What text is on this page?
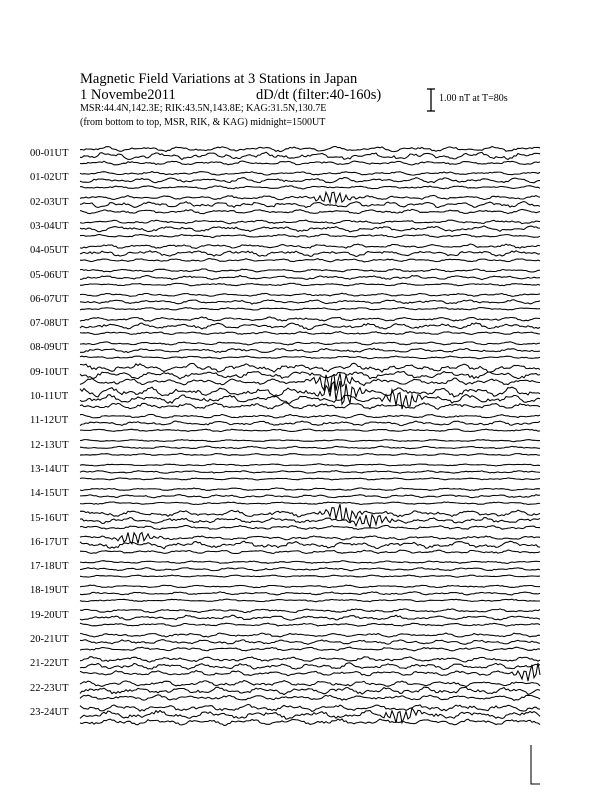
Magnetic Field Variations at 3 Stations in Japan
1 Novembe2011	dD/dt (filter:40-160s)
MSR:44.4N,142.3E; RIK:43.5N,143.8E; KAG:31.5N,130.7E
(from bottom to top, MSR, RIK, & KAG) midnight=1500UT
1.00 nT at T=80s
00-01UT
01-02UT
02-03UT
03-04UT
04-05UT
05-06UT
06-07UT
07-08UT
08-09UT
09-10UT
10-11UT
11-12UT
12-13UT
13-14UT
14-15UT
15-16UT
16-17UT
17-18UT
18-19UT
19-20UT
20-21UT
21-22UT
22-23UT
23-24UT
